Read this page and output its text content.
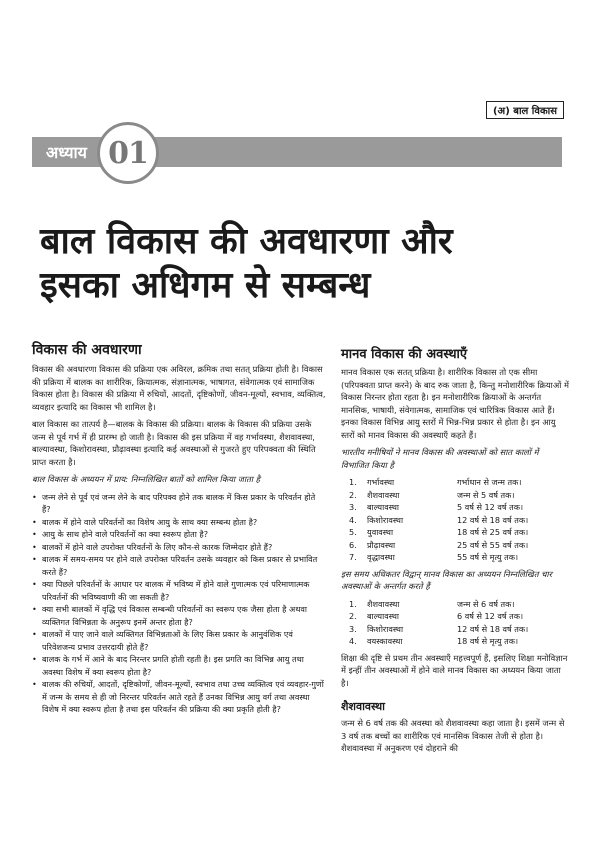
(अ) बाल विकास
अध्याय 01
बाल विकास की अवधारणा और
इसका अधिगम से सम्बन्ध
विकास की अवधारणा

विकास की अवधारणा विकास की प्रक्रिया एक अविरल, क्रमिक तथा सतत् प्रक्रिया होती है। विकास की प्रक्रिया में बालक का शारीरिक, क्रियात्मक, संज्ञानात्मक, भाषागत, संवेगात्मक एवं सामाजिक विकास होता है। विकास की प्रक्रिया में रुचियों, आदतों, दृष्टिकोणों, जीवन-मूल्यों, स्वभाव, व्यक्तित्व, व्यवहार इत्यादि का विकास भी शामिल है।

बाल विकास का तात्पर्य है—बालक के विकास की प्रक्रिया। बालक के विकास की प्रक्रिया उसके जन्म से पूर्व गर्भ में ही प्रारम्भ हो जाती है। विकास की इस प्रक्रिया में वह गर्भावस्था, शैशवावस्था, बाल्यावस्था, किशोरावस्था, प्रौढ़ावस्था इत्यादि कई अवस्थाओं से गुजरते हुए परिपक्वता की स्थिति प्राप्त करता है।

बाल विकास के अध्ययन में प्राय: निम्नलिखित बातों को शामिल किया जाता है

• जन्म लेने से पूर्व एवं जन्म लेने के बाद परिपक्व होने तक बालक में किस प्रकार के परिवर्तन होते हैं?
• बालक में होने वाले परिवर्तनों का विशेष आयु के साथ क्या सम्बन्ध होता है?
• आयु के साथ होने वाले परिवर्तनों का क्या स्वरूप होता है?
• बालकों में होने वाले उपरोक्त परिवर्तनों के लिए कौन-से कारक जिम्मेदार होते हैं?
• बालक में समय-समय पर होने वाले उपरोक्त परिवर्तन उसके व्यवहार को किस प्रकार से प्रभावित करते हैं?
• क्या पिछले परिवर्तनों के आधार पर बालक में भविष्य में होने वाले गुणात्मक एवं परिमाणात्मक परिवर्तनों की भविष्यवाणी की जा सकती है?
• क्या सभी बालकों में वृद्धि एवं विकास सम्बन्धी परिवर्तनों का स्वरूप एक जैसा होता है अथवा व्यक्तिगत विभिन्नता के अनुरूप इनमें अन्तर होता है?
• बालकों में पाए जाने वाले व्यक्तिगत विभिन्नताओं के लिए किस प्रकार के आनुवंशिक एवं परिवेशजन्य प्रभाव उत्तरदायी होते हैं?
• बालक के गर्भ में आने के बाद निरन्तर प्रगति होती रहती है। इस प्रगति का विभिन्न आयु तथा अवस्था विशेष में क्या स्वरूप होता है?
• बालक की रुचियों, आदतों, दृष्टिकोणों, जीवन-मूल्यों, स्वभाव तथा उच्च व्यक्तित्व एवं व्यवहार-गुणों में जन्म के समय से ही जो निरन्तर परिवर्तन आते रहते हैं उनका विभिन्न आयु वर्ग तथा अवस्था विशेष में क्या स्वरूप होता है तथा इस परिवर्तन की प्रक्रिया की क्या प्रकृति होती है?
मानव विकास की अवस्थाएँ

मानव विकास एक सतत् प्रक्रिया है। शारीरिक विकास तो एक सीमा (परिपक्वता प्राप्त करने) के बाद रुक जाता है, किन्तु मनोशारीरिक क्रियाओं में विकास निरन्तर होता रहता है। इन मनोशारीरिक क्रियाओं के अन्तर्गत मानसिक, भाषायी, संवेगात्मक, सामाजिक एवं चारित्रिक विकास आते हैं। इनका विकास विभिन्न आयु स्तरों में भिन्न-भिन्न प्रकार से होता है। इन आयु स्तरों को मानव विकास की अवस्थाएँ कहते हैं।

भारतीय मनीषियों ने मानव विकास की अवस्थाओं को सात कालों में विभाजित किया है

1.	गर्भावस्था	गर्भाधान से जन्म तक।
2.	शैशवावस्था	जन्म से 5 वर्ष तक।
3.	बाल्यावस्था	5 वर्ष से 12 वर्ष तक।
4.	किशोरावस्था	12 वर्ष से 18 वर्ष तक।
5.	युवावस्था	18 वर्ष से 25 वर्ष तक।
6.	प्रौढ़ावस्था	25 वर्ष से 55 वर्ष तक।
7.	वृद्धावस्था	55 वर्ष से मृत्यु तक।

इस समय अधिकतर विद्वान् मानव विकास का अध्ययन निम्नलिखित चार अवस्थाओं के अन्तर्गत करते हैं

1.	शैशवावस्था	जन्म से 6 वर्ष तक।
2.	बाल्यावस्था	6 वर्ष से 12 वर्ष तक।
3.	किशोरावस्था	12 वर्ष से 18 वर्ष तक।
4.	वयस्कावस्था	18 वर्ष से मृत्यु तक।

शिक्षा की दृष्टि से प्रथम तीन अवस्थाएँ महत्त्वपूर्ण हैं, इसलिए शिक्षा मनोविज्ञान में इन्हीं तीन अवस्थाओं में होने वाले मानव विकास का अध्ययन किया जाता है।

शैशवावस्था

जन्म से 6 वर्ष तक की अवस्था को शैशवावस्था कहा जाता है। इसमें जन्म से 3 वर्ष तक बच्चों का शारीरिक एवं मानसिक विकास तेजी से होता है। शैशवावस्था में अनुकरण एवं दोहराने की
